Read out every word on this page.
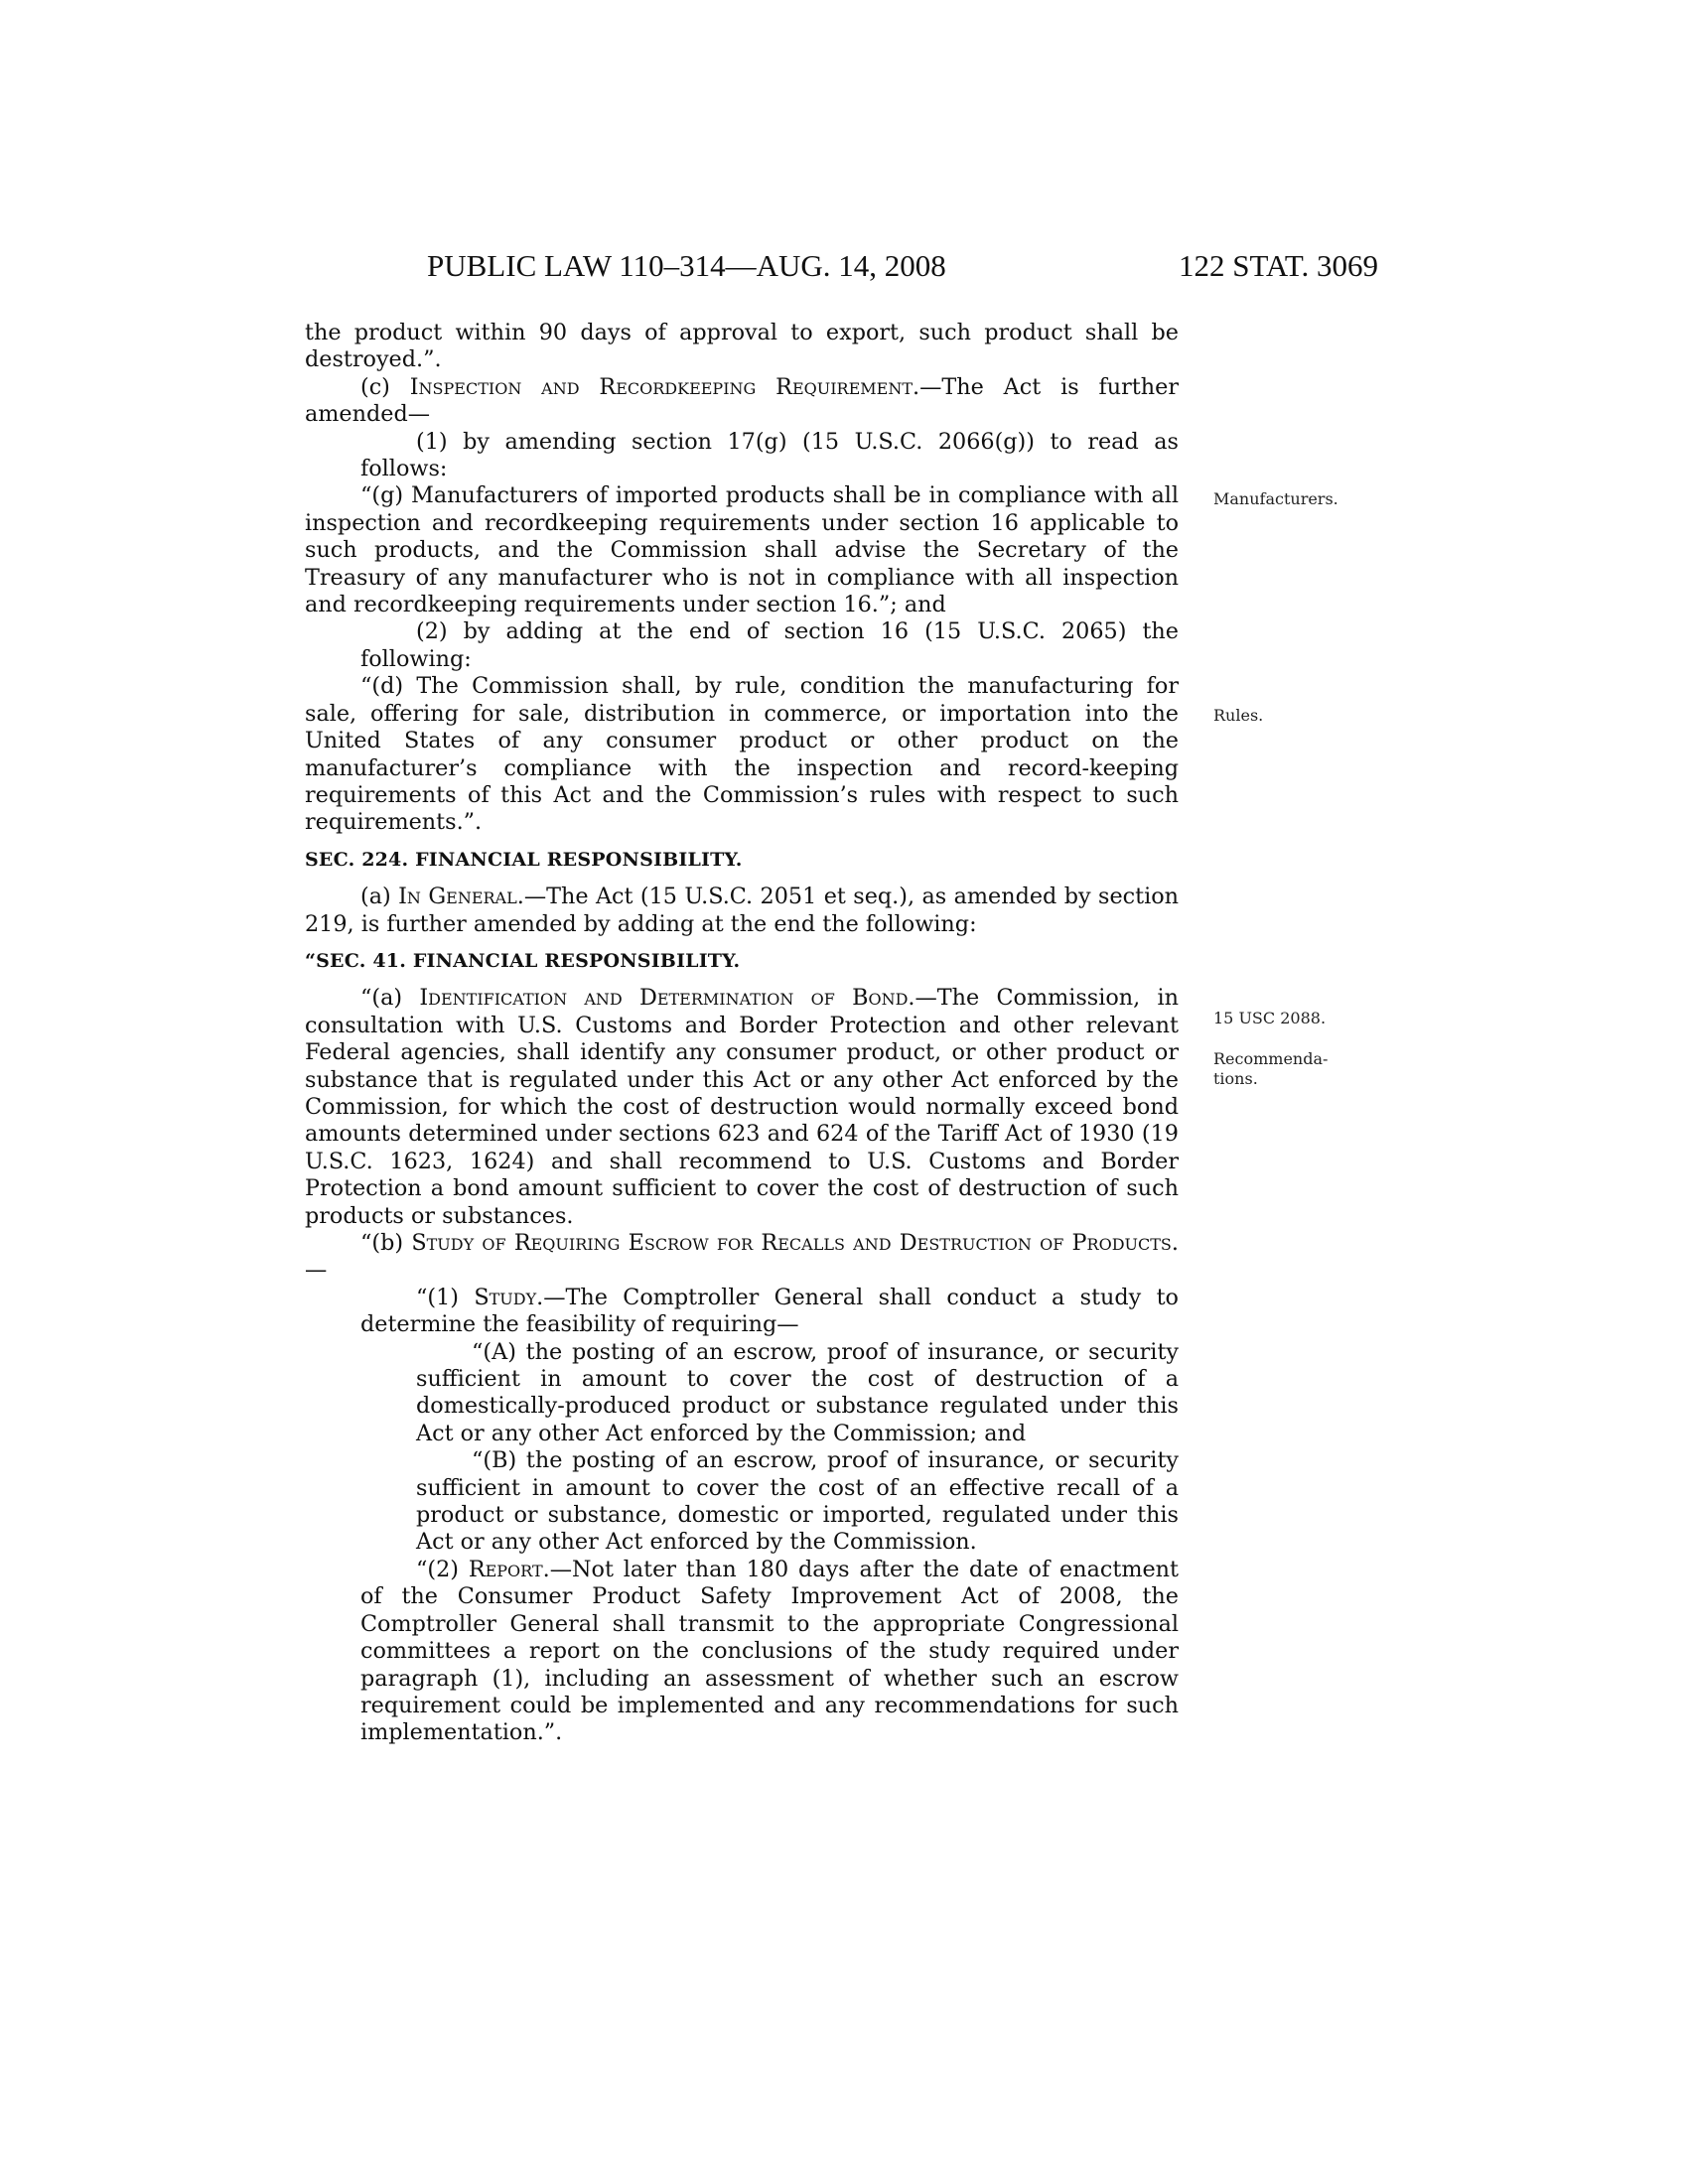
PUBLIC LAW 110–314—AUG. 14, 2008	122 STAT. 3069

the product within 90 days of approval to export, such product shall be destroyed.”.

(c) Inspection and Recordkeeping Requirement.—The Act is further amended—

(1) by amending section 17(g) (15 U.S.C. 2066(g)) to read as follows:

“(g) Manufacturers of imported products shall be in compliance with all inspection and recordkeeping requirements under section 16 applicable to such products, and the Commission shall advise the Secretary of the Treasury of any manufacturer who is not in compliance with all inspection and recordkeeping requirements under section 16.”; and

(2) by adding at the end of section 16 (15 U.S.C. 2065) the following:

“(d) The Commission shall, by rule, condition the manufacturing for sale, offering for sale, distribution in commerce, or importation into the United States of any consumer product or other product on the manufacturer’s compliance with the inspection and record-keeping requirements of this Act and the Commission’s rules with respect to such requirements.”.

SEC. 224. FINANCIAL RESPONSIBILITY.

(a) In General.—The Act (15 U.S.C. 2051 et seq.), as amended by section 219, is further amended by adding at the end the following:

“SEC. 41. FINANCIAL RESPONSIBILITY.

“(a) Identification and Determination of Bond.—The Commission, in consultation with U.S. Customs and Border Protection and other relevant Federal agencies, shall identify any consumer product, or other product or substance that is regulated under this Act or any other Act enforced by the Commission, for which the cost of destruction would normally exceed bond amounts determined under sections 623 and 624 of the Tariff Act of 1930 (19 U.S.C. 1623, 1624) and shall recommend to U.S. Customs and Border Protection a bond amount sufficient to cover the cost of destruction of such products or substances.

“(b) Study of Requiring Escrow for Recalls and Destruction of Products.—

“(1) Study.—The Comptroller General shall conduct a study to determine the feasibility of requiring—

“(A) the posting of an escrow, proof of insurance, or security sufficient in amount to cover the cost of destruction of a domestically-produced product or substance regulated under this Act or any other Act enforced by the Commission; and

“(B) the posting of an escrow, proof of insurance, or security sufficient in amount to cover the cost of an effective recall of a product or substance, domestic or imported, regulated under this Act or any other Act enforced by the Commission.

“(2) Report.—Not later than 180 days after the date of enactment of the Consumer Product Safety Improvement Act of 2008, the Comptroller General shall transmit to the appropriate Congressional committees a report on the conclusions of the study required under paragraph (1), including an assessment of whether such an escrow requirement could be implemented and any recommendations for such implementation.”.

Manufacturers.
Rules.
15 USC 2088.
Recommenda-
tions.
